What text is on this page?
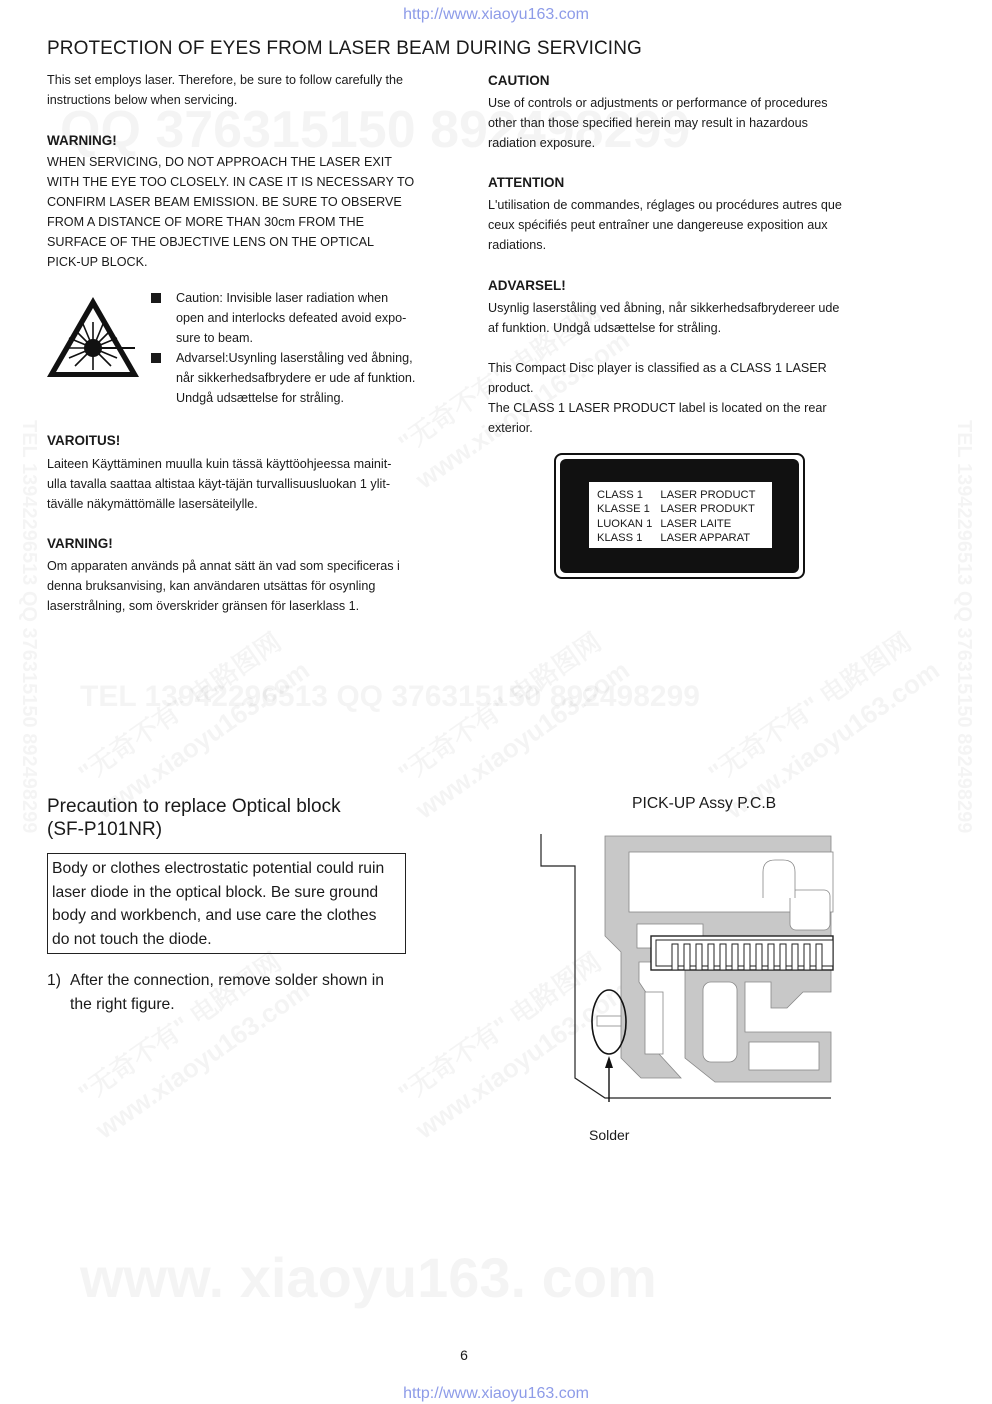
http://www.xiaoyu163.com
http://www.xiaoyu163.com
PROTECTION OF EYES FROM LASER BEAM DURING SERVICING
This set employs laser. Therefore, be sure to follow carefully the
instructions below when servicing.
WARNING!
WHEN SERVICING, DO NOT APPROACH THE LASER EXIT
WITH THE EYE TOO CLOSELY. IN CASE IT IS NECESSARY TO
CONFIRM LASER BEAM EMISSION. BE SURE TO OBSERVE
FROM A DISTANCE OF MORE THAN 30cm FROM THE
SURFACE OF THE OBJECTIVE LENS ON THE OPTICAL
PICK-UP BLOCK.
Caution: Invisible laser radiation when
open and interlocks defeated avoid expo-
sure to beam.
Advarsel:Usynling laserståling ved åbning,
når sikkerhedsafbrydere er ude af funktion.
Undgå udsættelse for stråling.
VAROITUS!
Laiteen Käyttäminen muulla kuin tässä käyttöohjeessa mainit-
ulla tavalla saattaa altistaa käyt-täjän turvallisuusluokan 1 ylit-
tävälle näkymättömälle lasersäteilylle.
VARNING!
Om apparaten används på annat sätt än vad som specificeras i
denna bruksanvising, kan användaren utsättas för osynling
laserstrålning, som överskrider gränsen för laserklass 1.
CAUTION
Use of controls or adjustments or performance of procedures
other than those specified herein may result in hazardous
radiation exposure.
ATTENTION
L'utilisation de commandes, réglages ou procédures autres que
ceux spécifiés peut entraîner une dangereuse exposition aux
radiations.
ADVARSEL!
Usynlig laserståling ved åbning, når sikkerhedsafbrydereer ude
af funktion. Undgå udsættelse for stråling.
This Compact Disc player is classified as a CLASS 1 LASER
product.
The CLASS 1 LASER PRODUCT label is located on the rear
exterior.
CLASS 1	LASER PRODUCT
KLASSE 1	LASER PRODUKT
LUOKAN 1	LASER LAITE
KLASS 1	LASER APPARAT
Precaution to replace Optical block
(SF-P101NR)
Body or clothes electrostatic potential could ruin
laser diode in the optical block. Be sure ground
body and workbench, and use care the clothes
do not touch the diode.
1) After the connection, remove solder shown in
the right figure.
PICK-UP Assy P.C.B
Solder
6
